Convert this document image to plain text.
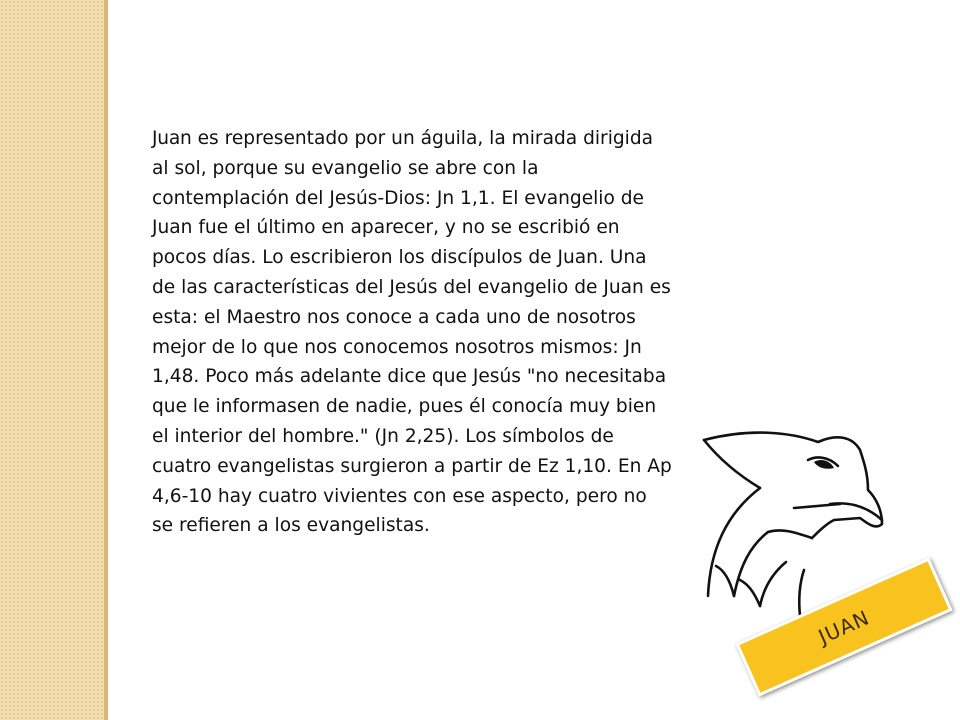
Juan es representado por un águila, la mirada dirigida al sol, porque su evangelio se abre con la contemplación del Jesús-Dios: Jn 1,1. El evangelio de Juan fue el último en aparecer, y no se escribió en pocos días. Lo escribieron los discípulos de Juan. Una de las características del Jesús del evangelio de Juan es esta: el Maestro nos conoce a cada uno de nosotros mejor de lo que nos conocemos nosotros mismos: Jn 1,48. Poco más adelante dice que Jesús "no necesitaba que le informasen de nadie, pues él conocía muy bien el interior del hombre." (Jn 2,25). Los símbolos de cuatro evangelistas surgieron a partir de Ez 1,10. En Ap 4,6-10 hay cuatro vivientes con ese aspecto, pero no se refieren a los evangelistas.

JUAN
